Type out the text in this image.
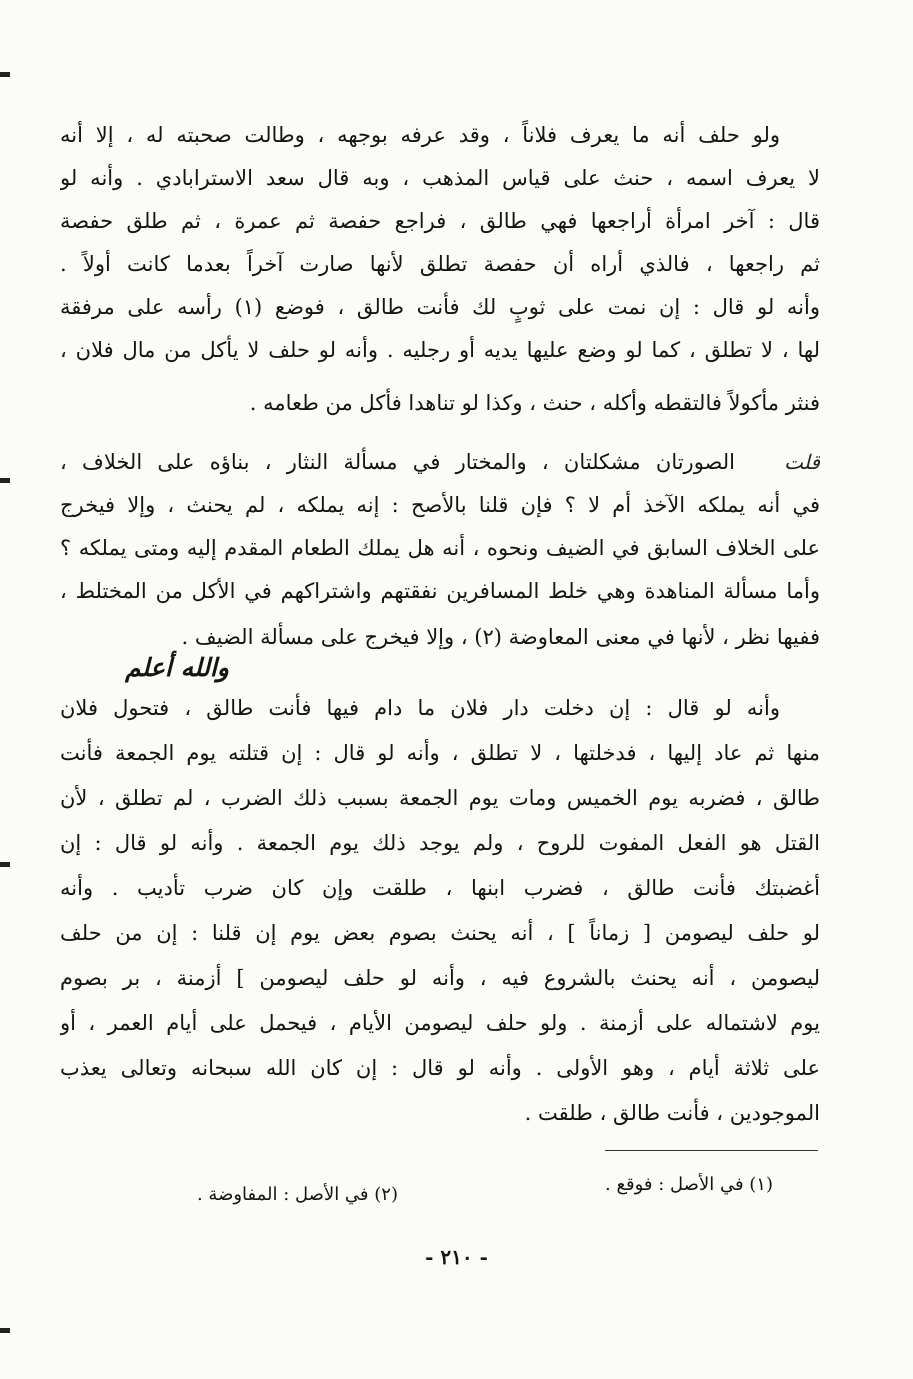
ولو حلف أنه ما يعرف فلاناً ، وقد عرفه بوجهه ، وطالت صحبته له ، إلا أنه
لا يعرف اسمه ، حنث على قياس المذهب ، وبه قال سعد الاسترابادي . وأنه لو
قال : آخر امرأة أراجعها فهي طالق ، فراجع حفصة ثم عمرة ، ثم طلق حفصة
ثم راجعها ، فالذي أراه أن حفصة تطلق لأنها صارت آخراً بعدما كانت أولاً .
وأنه لو قال : إن نمت على ثوبٍ لك فأنت طالق ، فوضع (١) رأسه على مرفقة
لها ، لا تطلق ، كما لو وضع عليها يديه أو رجليه . وأنه لو حلف لا يأكل من مال فلان ،
فنثر مأكولاً فالتقطه وأكله ، حنث ، وكذا لو تناهدا فأكل من طعامه .
قلت
الصورتان مشكلتان ، والمختار في مسألة النثار ، بناؤه على الخلاف ،
في أنه يملكه الآخذ أم لا ؟ فإن قلنا بالأصح : إنه يملكه ، لم يحنث ، وإلا فيخرج
على الخلاف السابق في الضيف ونحوه ، أنه هل يملك الطعام المقدم إليه ومتى يملكه ؟
وأما مسألة المناهدة وهي خلط المسافرين نفقتهم واشتراكهم في الأكل من المختلط ،
ففيها نظر ، لأنها في معنى المعاوضة (٢) ، وإلا فيخرج على مسألة الضيف .
والله أعلم
وأنه لو قال : إن دخلت دار فلان ما دام فيها فأنت طالق ، فتحول فلان
منها ثم عاد إليها ، فدخلتها ، لا تطلق ، وأنه لو قال : إن قتلته يوم الجمعة فأنت
طالق ، فضربه يوم الخميس ومات يوم الجمعة بسبب ذلك الضرب ، لم تطلق ، لأن
القتل هو الفعل المفوت للروح ، ولم يوجد ذلك يوم الجمعة . وأنه لو قال : إن
أغضبتك فأنت طالق ، فضرب ابنها ، طلقت وإن كان ضرب تأديب . وأنه
لو حلف ليصومن [ زماناً ] ، أنه يحنث بصوم بعض يوم إن قلنا : إن من حلف
ليصومن ، أنه يحنث بالشروع فيه ، وأنه لو حلف ليصومن ] أزمنة ، بر بصوم
يوم لاشتماله على أزمنة . ولو حلف ليصومن الأيام ، فيحمل على أيام العمر ، أو
على ثلاثة أيام ، وهو الأولى . وأنه لو قال : إن كان الله سبحانه وتعالى يعذب
الموجودين ، فأنت طالق ، طلقت .
(١) في الأصل : فوقع .
(٢) في الأصل : المفاوضة .
- ٢١٠ -
